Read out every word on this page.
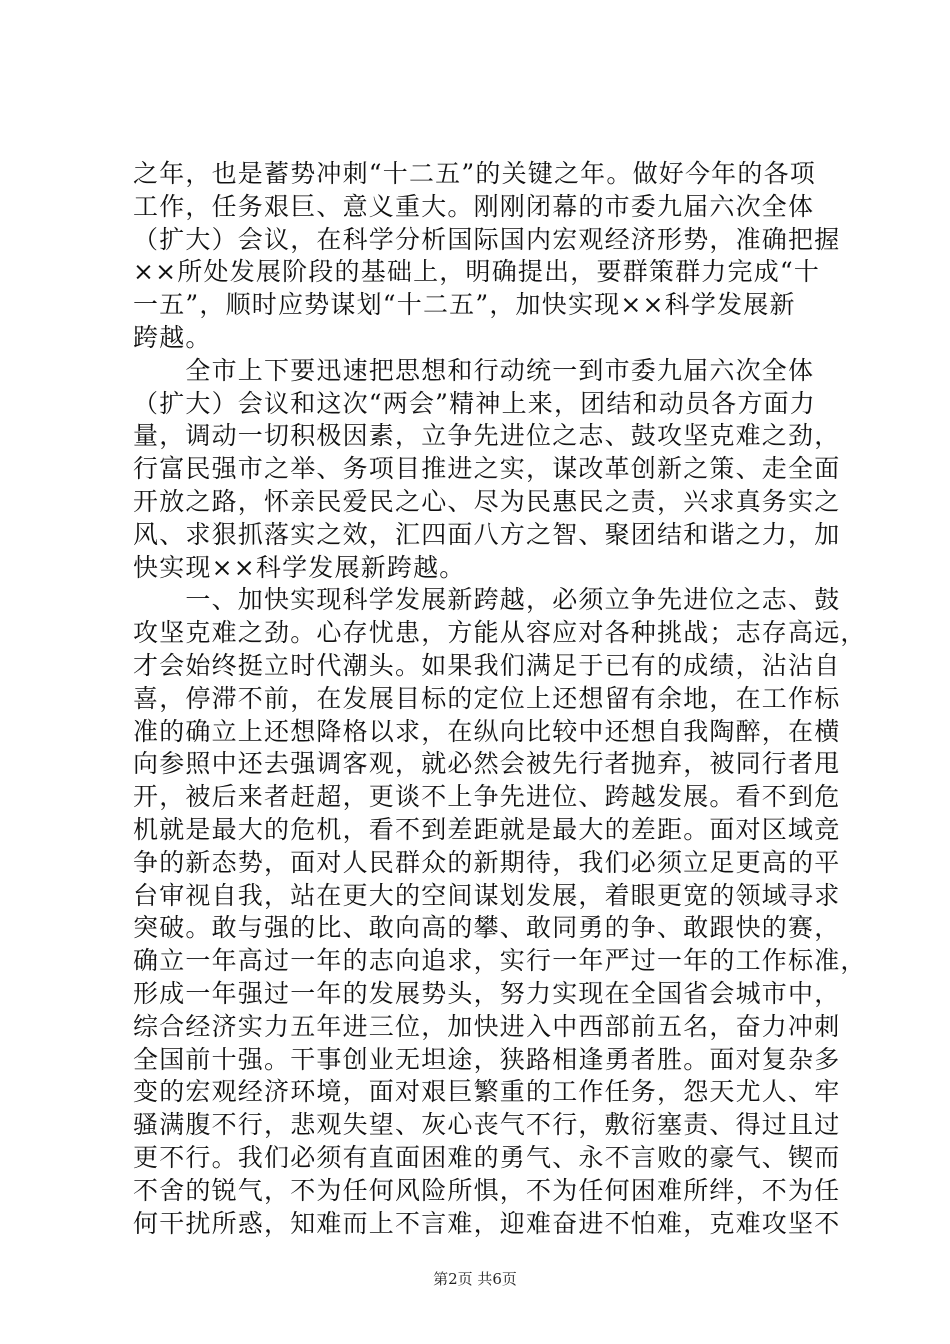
之年，也是蓄势冲刺“十二五”的关键之年。做好今年的各项
工作，任务艰巨、意义重大。刚刚闭幕的市委九届六次全体
（扩大）会议，在科学分析国际国内宏观经济形势，准确把握
××所处发展阶段的基础上，明确提出，要群策群力完成“十
一五”，顺时应势谋划“十二五”，加快实现××科学发展新
跨越。
　　全市上下要迅速把思想和行动统一到市委九届六次全体
（扩大）会议和这次“两会”精神上来，团结和动员各方面力
量，调动一切积极因素，立争先进位之志、鼓攻坚克难之劲，
行富民强市之举、务项目推进之实，谋改革创新之策、走全面
开放之路，怀亲民爱民之心、尽为民惠民之责，兴求真务实之
风、求狠抓落实之效，汇四面八方之智、聚团结和谐之力，加
快实现××科学发展新跨越。
　　一、加快实现科学发展新跨越，必须立争先进位之志、鼓
攻坚克难之劲。心存忧患，方能从容应对各种挑战；志存高远，
才会始终挺立时代潮头。如果我们满足于已有的成绩，沾沾自
喜，停滞不前，在发展目标的定位上还想留有余地，在工作标
准的确立上还想降格以求，在纵向比较中还想自我陶醉，在横
向参照中还去强调客观，就必然会被先行者抛弃，被同行者甩
开，被后来者赶超，更谈不上争先进位、跨越发展。看不到危
机就是最大的危机，看不到差距就是最大的差距。面对区域竞
争的新态势，面对人民群众的新期待，我们必须立足更高的平
台审视自我，站在更大的空间谋划发展，着眼更宽的领域寻求
突破。敢与强的比、敢向高的攀、敢同勇的争、敢跟快的赛，
确立一年高过一年的志向追求，实行一年严过一年的工作标准，
形成一年强过一年的发展势头，努力实现在全国省会城市中，
综合经济实力五年进三位，加快进入中西部前五名，奋力冲刺
全国前十强。干事创业无坦途，狭路相逢勇者胜。面对复杂多
变的宏观经济环境，面对艰巨繁重的工作任务，怨天尤人、牢
骚满腹不行，悲观失望、灰心丧气不行，敷衍塞责、得过且过
更不行。我们必须有直面困难的勇气、永不言败的豪气、锲而
不舍的锐气，不为任何风险所惧，不为任何困难所绊，不为任
何干扰所惑，知难而上不言难，迎难奋进不怕难，克难攻坚不
第2页 共6页
